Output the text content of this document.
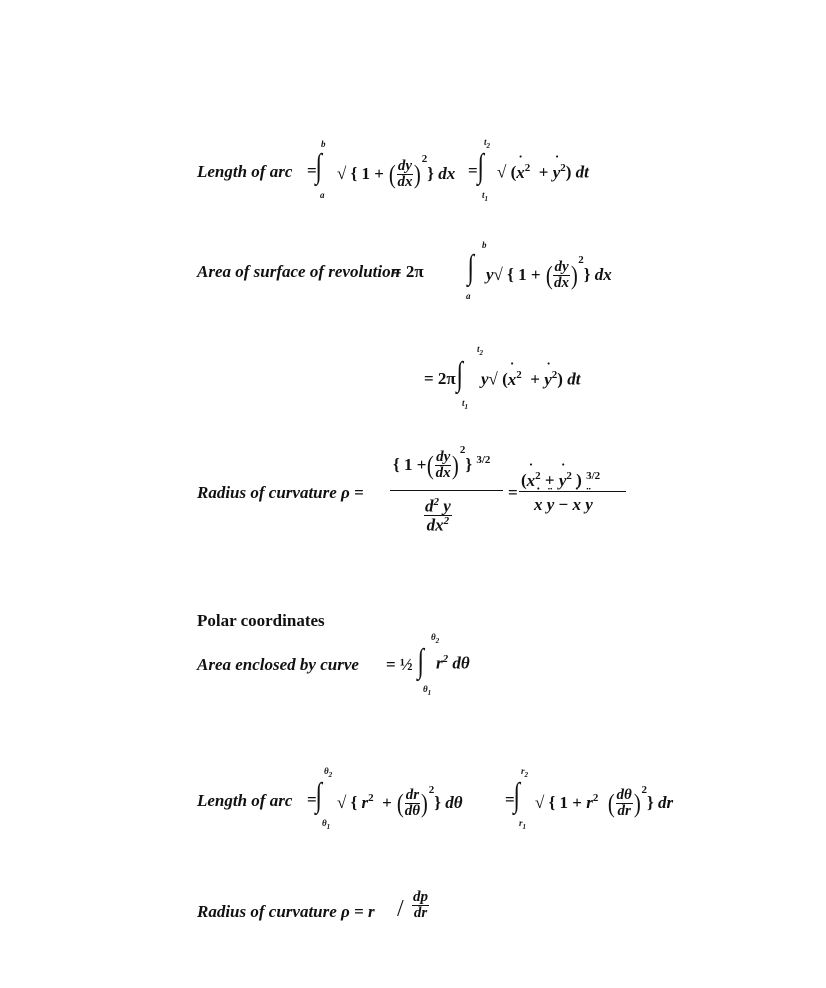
Length of arc =
∫
b
a
√ { 1 + ( $\frac{dy}{dx} )^2$} dx = ∫
$t_2$
$t_1$
√ (˙ $x^2$  + ˙ $y^2$) dt
Area of surface of revolution
= 2π ∫
b
a
y√ { 1 + ( $\frac{dy}{dx} )^2$} dx
= 2π ∫
$t_2$
$t_1$
y√ (˙ $x^2$  + ˙ $y^2$) dt
Radius of curvature ρ =
{ 1 +( $\frac{dy}{dx} )^2$} $^{3/2}$
$\frac{d^2 y}{dx^2}$
=
(˙ $x^2$ + ˙ $y^2$ ) $^{3/2}$
˙ x ¨ y − ˙ x ¨ y
Polar coordinates
Area enclosed by curve = ½ ∫
$\theta_2$
$\theta_1$
$r^2$ dθ
Length of arc =
∫
$\theta_2$
$\theta_1$
√ { $r^2$  + ( $\frac{dr}{d\theta} )^2$} dθ =
∫
$r_2$
$r_1$
√ { $1 + r^2$ ( $\frac{d\theta}{dr} )^2$} dr
Radius of curvature $\rho = r / \frac{dp}{dr}$
